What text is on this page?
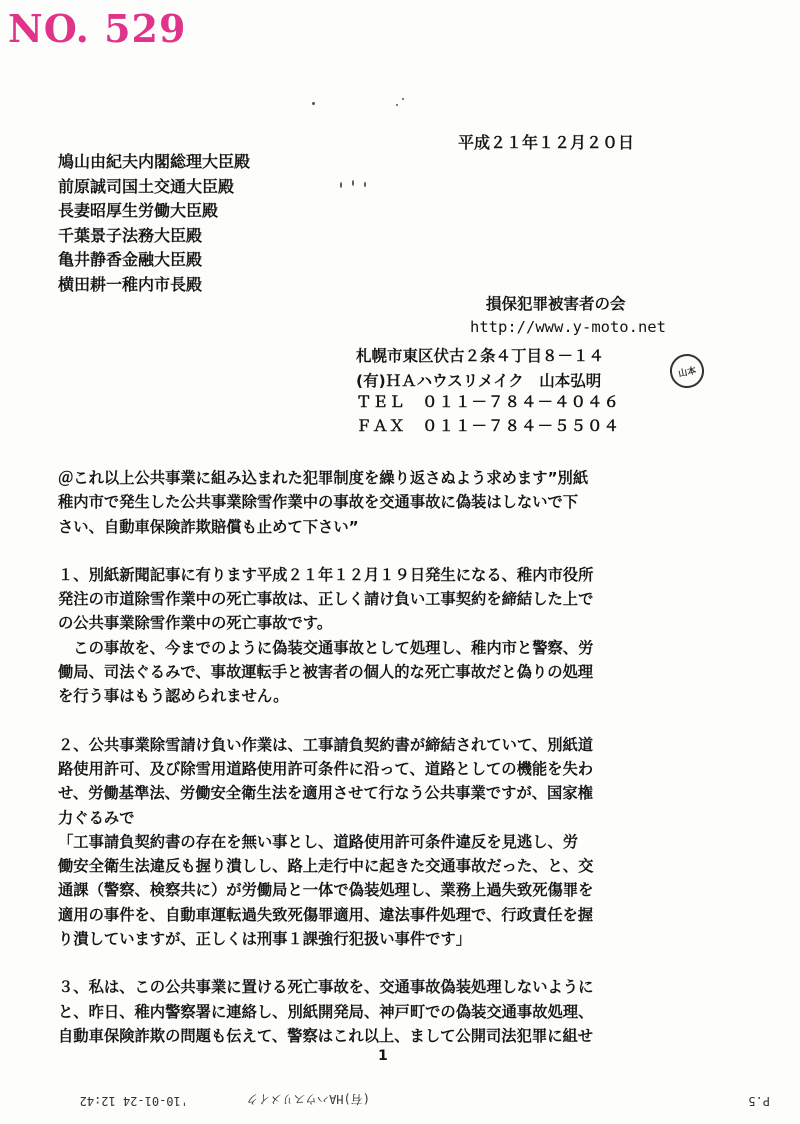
NO. 529
平成２１年１２月２０日
鳩山由紀夫内閣総理大臣殿
前原誠司国土交通大臣殿
長妻昭厚生労働大臣殿
千葉景子法務大臣殿
亀井静香金融大臣殿
横田耕一稚内市長殿
損保犯罪被害者の会
http://www.y-moto.net
札幌市東区伏古２条４丁目８－１４
(有)ＨＡハウスリメイク　山本弘明	山本
ＴＥＬ　０１１－７８４－４０４６
ＦＡＸ　０１１－７８４－５５０４

＠これ以上公共事業に組み込まれた犯罪制度を繰り返さぬよう求めます”別紙

稚内市で発生した公共事業除雪作業中の事故を交通事故に偽装はしないで下

さい、自動車保険詐欺賠償も止めて下さい”

１、別紙新聞記事に有ります平成２１年１２月１９日発生になる、稚内市役所

発注の市道除雪作業中の死亡事故は、正しく請け負い工事契約を締結した上で

の公共事業除雪作業中の死亡事故です。

　この事故を、今までのように偽装交通事故として処理し、稚内市と警察、労

働局、司法ぐるみで、事故運転手と被害者の個人的な死亡事故だと偽りの処理

を行う事はもう認められません。

２、公共事業除雪請け負い作業は、工事請負契約書が締結されていて、別紙道

路使用許可、及び除雪用道路使用許可条件に沿って、道路としての機能を失わ

せ、労働基準法、労働安全衛生法を適用させて行なう公共事業ですが、国家権

力ぐるみで

「工事請負契約書の存在を無い事とし、道路使用許可条件違反を見逃し、労

働安全衛生法違反も握り潰しし、路上走行中に起きた交通事故だった、と、交

通課（警察、検察共に）が労働局と一体で偽装処理し、業務上過失致死傷罪を

適用の事件を、自動車運転過失致死傷罪適用、違法事件処理で、行政責任を握

り潰していますが、正しくは刑事１課強行犯扱い事件です」

３、私は、この公共事業に置ける死亡事故を、交通事故偽装処理しないように

と、昨日、稚内警察署に連絡し、別紙開発局、神戸町での偽装交通事故処理、

自動車保険詐欺の問題も伝えて、警察はこれ以上、まして公開司法犯罪に組せ

1
P.5
(有)HAハウスリメイク
'10-01-24 12:42
